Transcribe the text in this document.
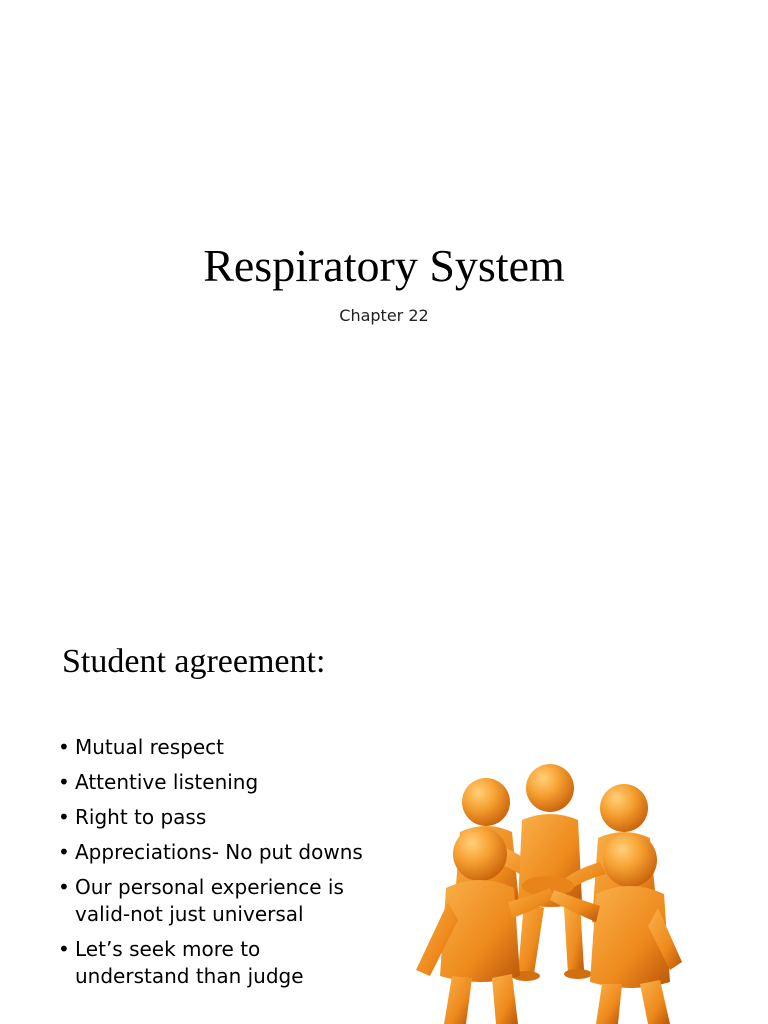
Respiratory System

Chapter 22

Student agreement:
• Mutual respect
• Attentive listening
• Right to pass
• Appreciations- No put downs
• Our personal experience is valid-not just universal
• Let’s seek more to understand than judge
